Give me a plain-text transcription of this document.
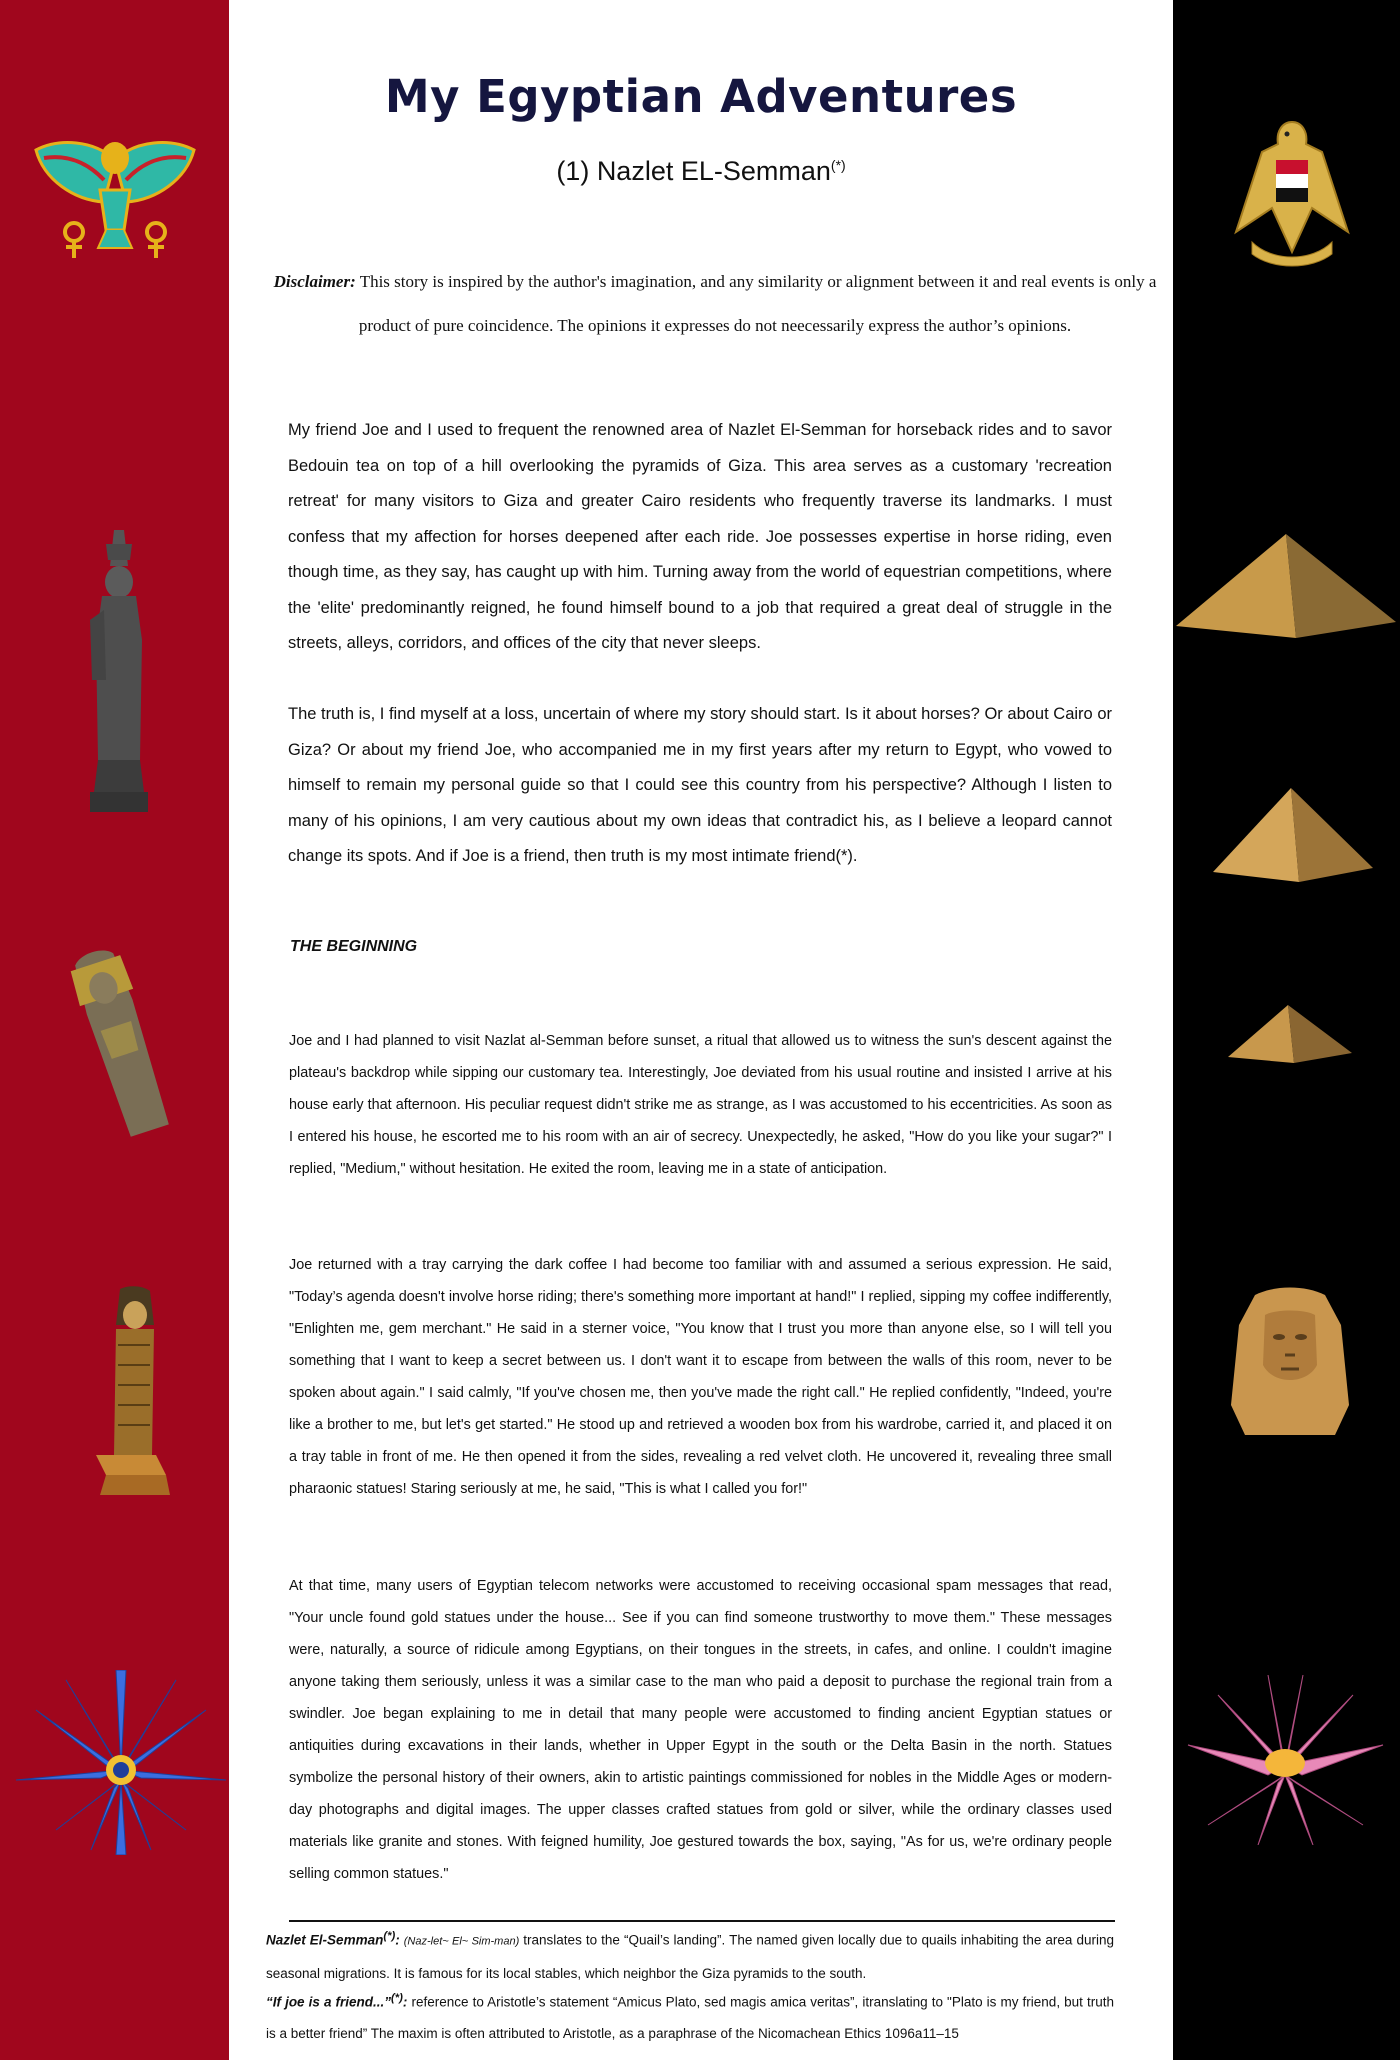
My Egyptian Adventures
(1) Nazlet EL-Semman(*)
Disclaimer: This story is inspired by the author's imagination, and any similarity or alignment between it and real events is only a product of pure coincidence. The opinions it expresses do not neecessarily express the author’s opinions.

My friend Joe and I used to frequent the renowned area of Nazlet El-Semman for horseback rides and to savor Bedouin tea on top of a hill overlooking the pyramids of Giza. This area serves as a customary 'recreation retreat' for many visitors to Giza and greater Cairo residents who frequently traverse its landmarks. I must confess that my affection for horses deepened after each ride. Joe possesses expertise in horse riding, even though time, as they say, has caught up with him. Turning away from the world of equestrian competitions, where the 'elite' predominantly reigned, he found himself bound to a job that required a great deal of struggle in the streets, alleys, corridors, and offices of the city that never sleeps.

The truth is, I find myself at a loss, uncertain of where my story should start. Is it about horses? Or about Cairo or Giza? Or about my friend Joe, who accompanied me in my first years after my return to Egypt, who vowed to himself to remain my personal guide so that I could see this country from his perspective? Although I listen to many of his opinions, I am very cautious about my own ideas that contradict his, as I believe a leopard cannot change its spots. And if Joe is a friend, then truth is my most intimate friend(*).

THE BEGINNING

Joe and I had planned to visit Nazlat al-Semman before sunset, a ritual that allowed us to witness the sun's descent against the plateau's backdrop while sipping our customary tea. Interestingly, Joe deviated from his usual routine and insisted I arrive at his house early that afternoon. His peculiar request didn't strike me as strange, as I was accustomed to his eccentricities. As soon as I entered his house, he escorted me to his room with an air of secrecy. Unexpectedly, he asked, "How do you like your sugar?" I replied, "Medium," without hesitation. He exited the room, leaving me in a state of anticipation.

Joe returned with a tray carrying the dark coffee I had become too familiar with and assumed a serious expression. He said, "Today’s agenda doesn't involve horse riding; there's something more important at hand!" I replied, sipping my coffee indifferently, "Enlighten me, gem merchant." He said in a sterner voice, "You know that I trust you more than anyone else, so I will tell you something that I want to keep a secret between us. I don't want it to escape from between the walls of this room, never to be spoken about again." I said calmly, "If you've chosen me, then you've made the right call." He replied confidently, "Indeed, you're like a brother to me, but let's get started." He stood up and retrieved a wooden box from his wardrobe, carried it, and placed it on a tray table in front of me. He then opened it from the sides, revealing a red velvet cloth. He uncovered it, revealing three small pharaonic statues! Staring seriously at me, he said, "This is what I called you for!"

At that time, many users of Egyptian telecom networks were accustomed to receiving occasional spam messages that read, "Your uncle found gold statues under the house... See if you can find someone trustworthy to move them." These messages were, naturally, a source of ridicule among Egyptians, on their tongues in the streets, in cafes, and online. I couldn't imagine anyone taking them seriously, unless it was a similar case to the man who paid a deposit to purchase the regional train from a swindler. Joe began explaining to me in detail that many people were accustomed to finding ancient Egyptian statues or antiquities during excavations in their lands, whether in Upper Egypt in the south or the Delta Basin in the north. Statues symbolize the personal history of their owners, akin to artistic paintings commissioned for nobles in the Middle Ages or modern-day photographs and digital images. The upper classes crafted statues from gold or silver, while the ordinary classes used materials like granite and stones. With feigned humility, Joe gestured towards the box, saying, "As for us, we're ordinary people selling common statues."

Nazlet El-Semman(*): (Naz-let~ El~ Sim-man) translates to the “Quail’s landing”. The named given locally due to quails inhabiting the area during seasonal migrations. It is famous for its local stables, which neighbor the Giza pyramids to the south.

“If joe is a friend...”(*): reference to Aristotle’s statement “Amicus Plato, sed magis amica veritas”, itranslating to "Plato is my friend, but truth is a better friend” The maxim is often attributed to Aristotle, as a paraphrase of the Nicomachean Ethics 1096a11–15
